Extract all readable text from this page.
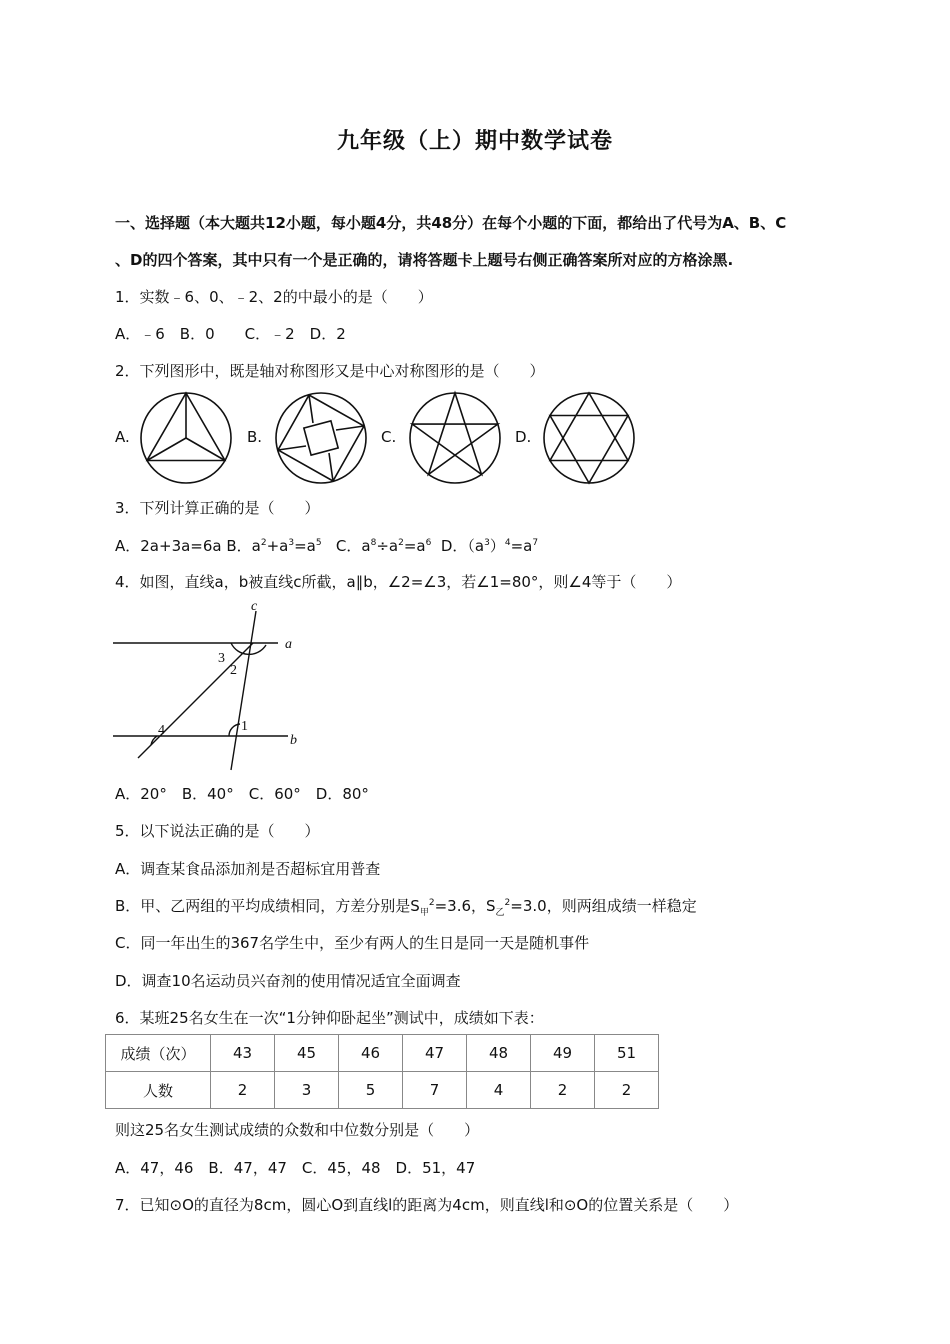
九年级（上）期中数学试卷
一、选择题（本大题共12小题，每小题4分，共48分）在每个小题的下面，都给出了代号为A、B、C
、D的四个答案，其中只有一个是正确的，请将答题卡上题号右侧正确答案所对应的方格涂黑.
1．实数﹣6、0、﹣2、2的中最小的是（　　）
A．﹣6　B．0　　C．﹣2　D．2
2．下列图形中，既是轴对称图形又是中心对称图形的是（　　）
A.	B.	C.	D.
3．下列计算正确的是（　　）
A．2a+3a=6a B．$a^2+a^3=a^5$ C．$a^8\div a^2=a^6$ D．$(a^3)^4=a^7$
4．如图，直线a，b被直线c所截，a∥b，∠2=∠3，若∠1=80°，则∠4等于（　　）
c
a
b
3
2
1
4
A．20°　B．40°　C．60°　D．80°
5．以下说法正确的是（　　）
A．调查某食品添加剂是否超标宜用普查
B．甲、乙两组的平均成绩相同，方差分别是$S_甲^2=3.6$，$S_乙^2=3.0$，则两组成绩一样稳定
C．同一年出生的367名学生中，至少有两人的生日是同一天是随机事件
D．调查10名运动员兴奋剂的使用情况适宜全面调查
6．某班25名女生在一次“1分钟仰卧起坐”测试中，成绩如下表：
成绩（次）	43	45	46	47	48	49	51
人数	2	3	5	7	4	2	2
则这25名女生测试成绩的众数和中位数分别是（　　）
A．47，46　B．47，47　C．45，48　D．51，47
7．已知⊙O的直径为8cm，圆心O到直线l的距离为4cm，则直线l和⊙O的位置关系是（　　）
